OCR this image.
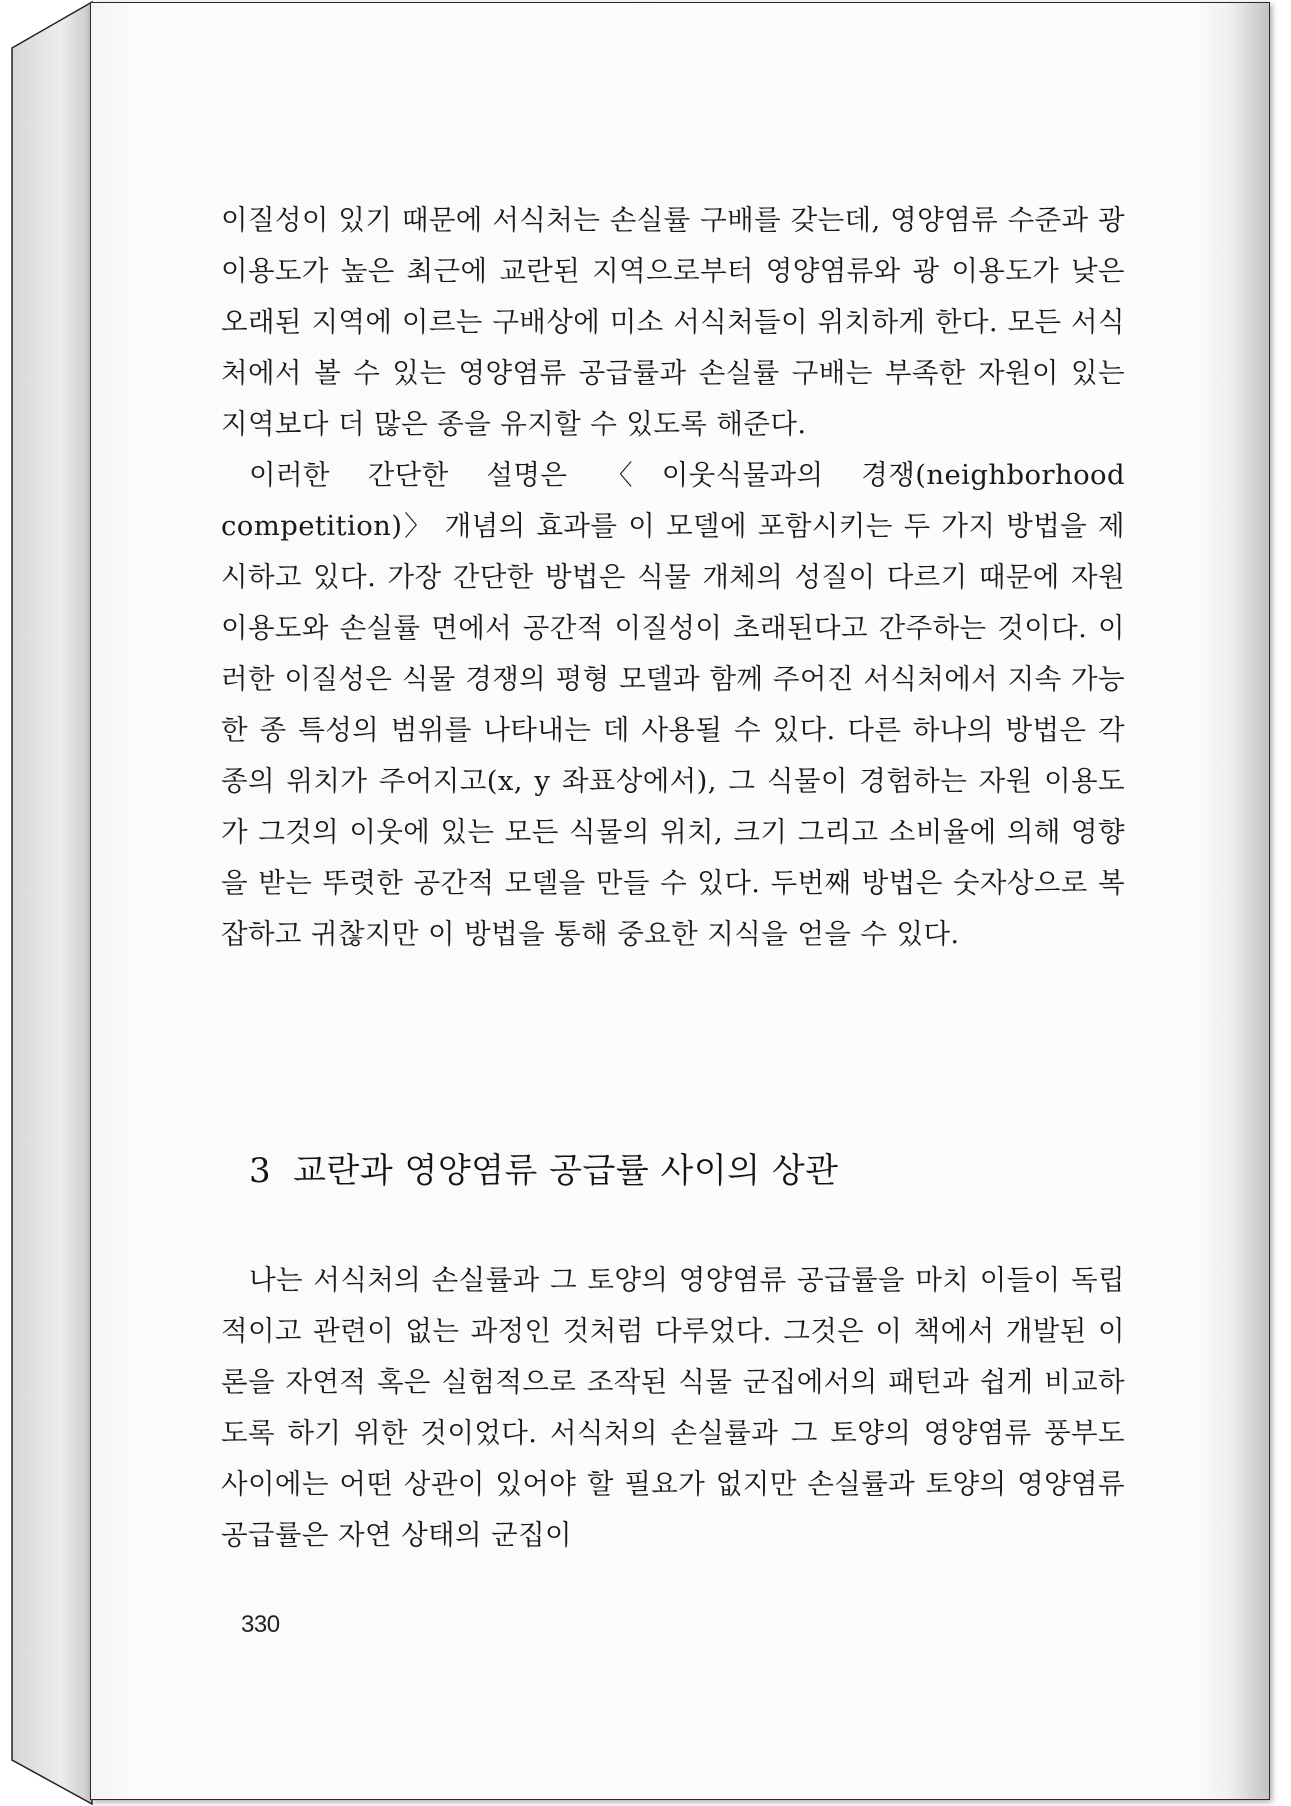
이질성이 있기 때문에 서식처는 손실률 구배를 갖는데, 영양염류 수준과 광 이용도가 높은 최근에 교란된 지역으로부터 영양염류와 광 이용도가 낮은 오래된 지역에 이르는 구배상에 미소 서식처들이 위치하게 한다. 모든 서식처에서 볼 수 있는 영양염류 공급률과 손실률 구배는 부족한 자원이 있는 지역보다 더 많은 종을 유지할 수 있도록 해준다.

이러한 간단한 설명은 〈이웃식물과의 경쟁(neighborhood competition)〉 개념의 효과를 이 모델에 포함시키는 두 가지 방법을 제시하고 있다. 가장 간단한 방법은 식물 개체의 성질이 다르기 때문에 자원 이용도와 손실률 면에서 공간적 이질성이 초래된다고 간주하는 것이다. 이러한 이질성은 식물 경쟁의 평형 모델과 함께 주어진 서식처에서 지속 가능한 종 특성의 범위를 나타내는 데 사용될 수 있다. 다른 하나의 방법은 각 종의 위치가 주어지고(x, y 좌표상에서), 그 식물이 경험하는 자원 이용도가 그것의 이웃에 있는 모든 식물의 위치, 크기 그리고 소비율에 의해 영향을 받는 뚜렷한 공간적 모델을 만들 수 있다. 두번째 방법은 숫자상으로 복잡하고 귀찮지만 이 방법을 통해 중요한 지식을 얻을 수 있다.

3 교란과 영양염류 공급률 사이의 상관

나는 서식처의 손실률과 그 토양의 영양염류 공급률을 마치 이들이 독립적이고 관련이 없는 과정인 것처럼 다루었다. 그것은 이 책에서 개발된 이론을 자연적 혹은 실험적으로 조작된 식물 군집에서의 패턴과 쉽게 비교하도록 하기 위한 것이었다. 서식처의 손실률과 그 토양의 영양염류 풍부도 사이에는 어떤 상관이 있어야 할 필요가 없지만 손실률과 토양의 영양염류 공급률은 자연 상태의 군집이

330
